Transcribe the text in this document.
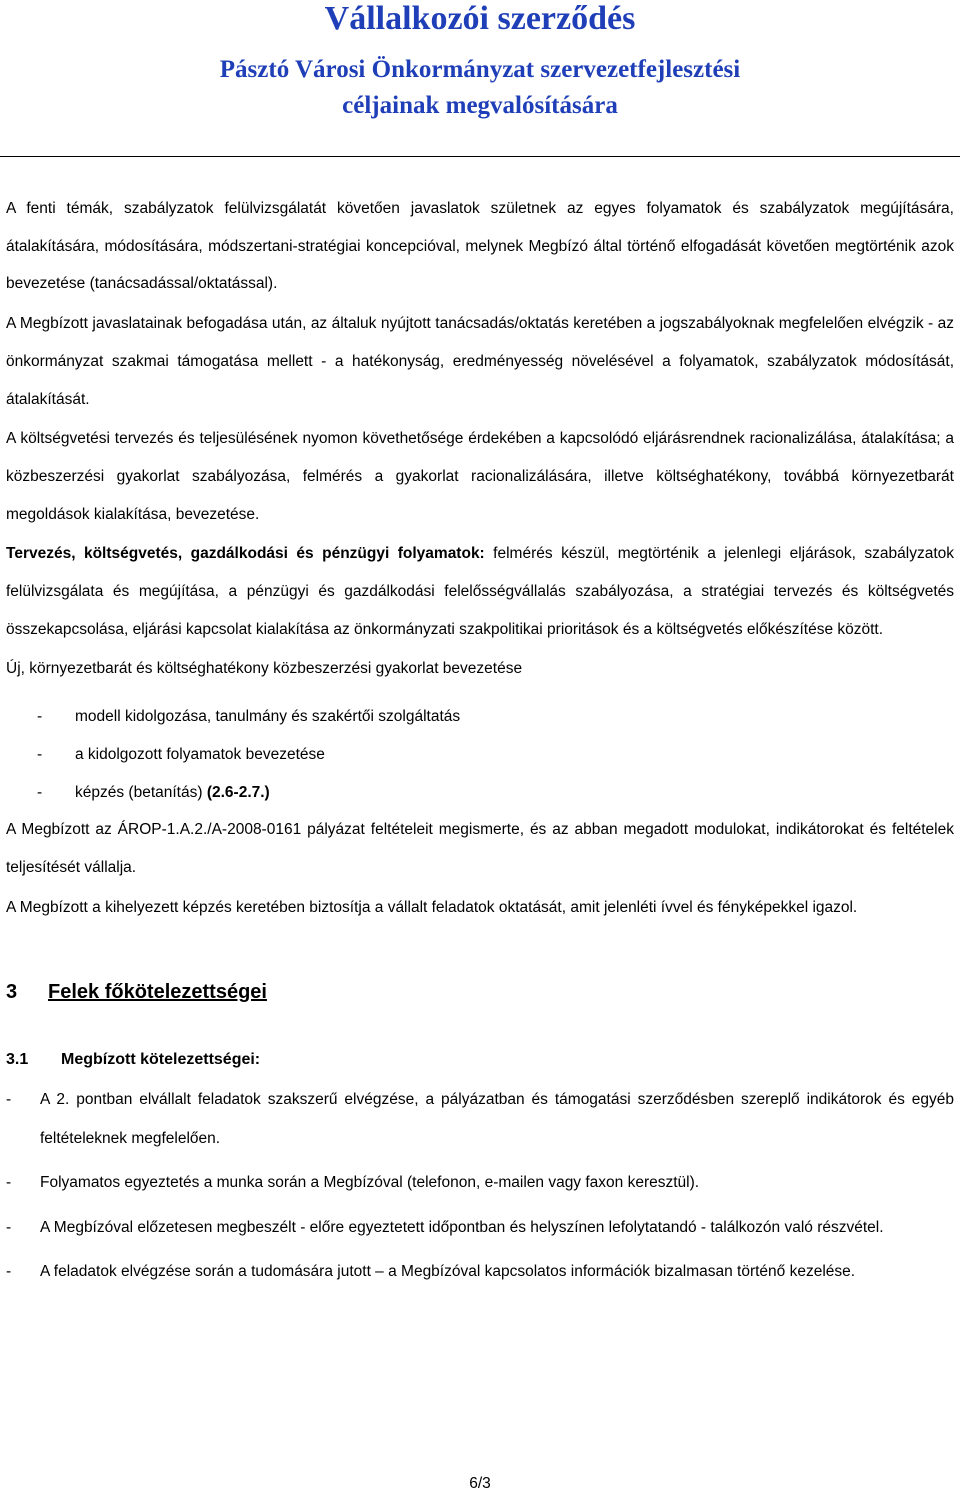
Vállalkozói szerződés
Pásztó Városi Önkormányzat szervezetfejlesztési
céljainak megvalósítására

A fenti témák, szabályzatok felülvizsgálatát követően javaslatok születnek az egyes folyamatok és szabályzatok megújítására, átalakítására, módosítására, módszertani-stratégiai koncepcióval, melynek Megbízó által történő elfogadását követően megtörténik azok bevezetése (tanácsadással/oktatással).

A Megbízott javaslatainak befogadása után, az általuk nyújtott tanácsadás/oktatás keretében a jogszabályoknak megfelelően elvégzik - az önkormányzat szakmai támogatása mellett - a hatékonyság, eredményesség növelésével a folyamatok, szabályzatok módosítását, átalakítását.

A költségvetési tervezés és teljesülésének nyomon követhetősége érdekében a kapcsolódó eljárásrendnek racionalizálása, átalakítása; a közbeszerzési gyakorlat szabályozása, felmérés a gyakorlat racionalizálására, illetve költséghatékony, továbbá környezetbarát megoldások kialakítása, bevezetése.

Tervezés, költségvetés, gazdálkodási és pénzügyi folyamatok: felmérés készül, megtörténik a jelenlegi eljárások, szabályzatok felülvizsgálata és megújítása, a pénzügyi és gazdálkodási felelősségvállalás szabályozása, a stratégiai tervezés és költségvetés összekapcsolása, eljárási kapcsolat kialakítása az önkormányzati szakpolitikai prioritások és a költségvetés előkészítése között.

Új, környezetbarát és költséghatékony közbeszerzési gyakorlat bevezetése

- modell kidolgozása, tanulmány és szakértői szolgáltatás
- a kidolgozott folyamatok bevezetése
- képzés (betanítás) (2.6-2.7.)

A Megbízott az ÁROP-1.A.2./A-2008-0161 pályázat feltételeit megismerte, és az abban megadott modulokat, indikátorokat és feltételek teljesítését vállalja.

A Megbízott a kihelyezett képzés keretében biztosítja a vállalt feladatok oktatását, amit jelenléti ívvel és fényképekkel igazol.

3 Felek főkötelezettségei
3.1 Megbízott kötelezettségei:
- A 2. pontban elvállalt feladatok szakszerű elvégzése, a pályázatban és támogatási szerződésben szereplő indikátorok és egyéb feltételeknek megfelelően.
- Folyamatos egyeztetés a munka során a Megbízóval (telefonon, e-mailen vagy faxon keresztül).
- A Megbízóval előzetesen megbeszélt - előre egyeztetett időpontban és helyszínen lefolytatandó - találkozón való részvétel.
- A feladatok elvégzése során a tudomására jutott – a Megbízóval kapcsolatos információk bizalmasan történő kezelése.
6/3
